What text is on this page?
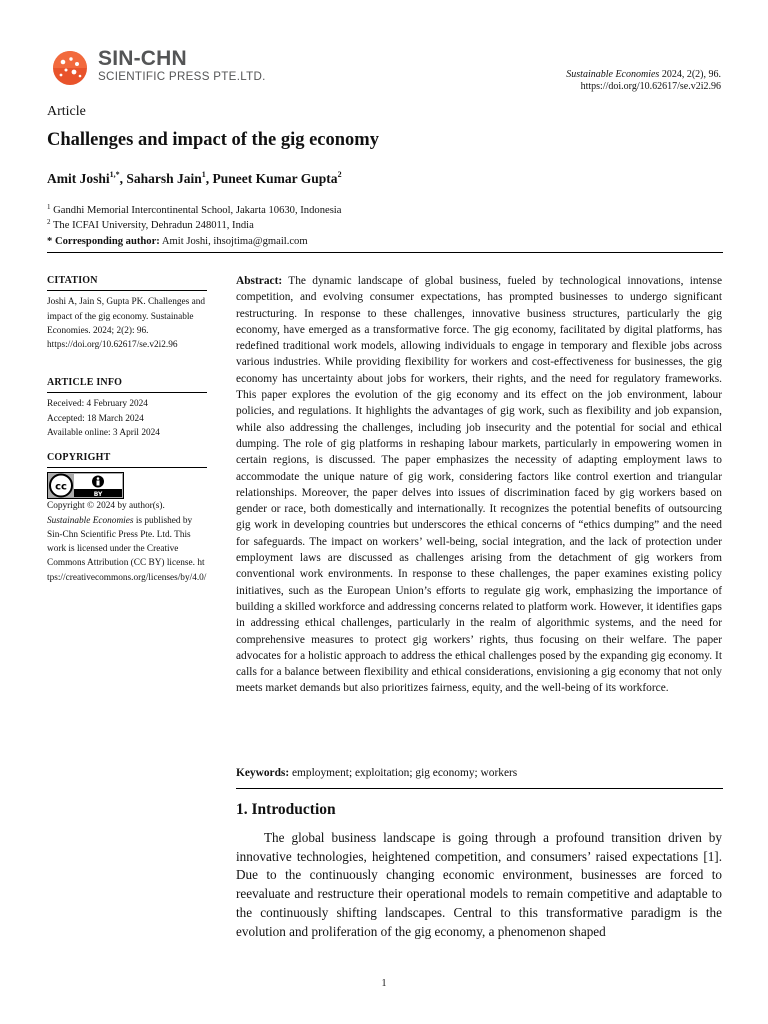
SIN-CHN
SCIENTIFIC PRESS PTE.LTD.	Sustainable Economies 2024, 2(2), 96.
https://doi.org/10.62617/se.v2i2.96
Article
Challenges and impact of the gig economy
Amit Joshi$^{1,*}$, Saharsh Jain$^1$, Puneet Kumar Gupta$^2$
$^1$ Gandhi Memorial Intercontinental School, Jakarta 10630, Indonesia
$^2$ The ICFAI University, Dehradun 248011, India
* Corresponding author: Amit Joshi, ihsojtima@gmail.com
CITATION

Joshi A, Jain S, Gupta PK. Challenges and impact of the gig economy. Sustainable Economies. 2024; 2(2): 96. https://doi.org/10.62617/se.v2i2.96

ARTICLE INFO

Received: 4 February 2024

Accepted: 18 March 2024

Available online: 3 April 2024

COPYRIGHT
cc
BY

Copyright © 2024 by author(s). Sustainable Economies is published by Sin-Chn Scientific Press Pte. Ltd. This work is licensed under the Creative Commons Attribution (CC BY) license. https://creativecommons.org/licenses/by/4.0/

Abstract: The dynamic landscape of global business, fueled by technological innovations, intense competition, and evolving consumer expectations, has prompted businesses to undergo significant restructuring. In response to these challenges, innovative business structures, particularly the gig economy, have emerged as a transformative force. The gig economy, facilitated by digital platforms, has redefined traditional work models, allowing individuals to engage in temporary and flexible jobs across various industries. While providing flexibility for workers and cost-effectiveness for businesses, the gig economy has uncertainty about jobs for workers, their rights, and the need for regulatory frameworks. This paper explores the evolution of the gig economy and its effect on the job environment, labour policies, and regulations. It highlights the advantages of gig work, such as flexibility and job expansion, while also addressing the challenges, including job insecurity and the potential for social and ethical dumping. The role of gig platforms in reshaping labour markets, particularly in empowering women in certain regions, is discussed. The paper emphasizes the necessity of adapting employment laws to accommodate the unique nature of gig work, considering factors like control exertion and triangular relationships. Moreover, the paper delves into issues of discrimination faced by gig workers based on gender or race, both domestically and internationally. It recognizes the potential benefits of outsourcing gig work in developing countries but underscores the ethical concerns of “ethics dumping” and the need for safeguards. The impact on workers’ well-being, social integration, and the lack of protection under employment laws are discussed as challenges arising from the detachment of gig workers from conventional work environments. In response to these challenges, the paper examines existing policy initiatives, such as the European Union’s efforts to regulate gig work, emphasizing the importance of building a skilled workforce and addressing concerns related to platform work. However, it identifies gaps in addressing ethical challenges, particularly in the realm of algorithmic systems, and the need for comprehensive measures to protect gig workers’ rights, thus focusing on their welfare. The paper advocates for a holistic approach to address the ethical challenges posed by the expanding gig economy. It calls for a balance between flexibility and ethical considerations, envisioning a gig economy that not only meets market demands but also prioritizes fairness, equity, and the well-being of its workforce.

Keywords: employment; exploitation; gig economy; workers
1. Introduction

The global business landscape is going through a profound transition driven by innovative technologies, heightened competition, and consumers’ raised expectations [1]. Due to the continuously changing economic environment, businesses are forced to reevaluate and restructure their operational models to remain competitive and adaptable to the continuously shifting landscapes. Central to this transformative paradigm is the evolution and proliferation of the gig economy, a phenomenon shaped

1
